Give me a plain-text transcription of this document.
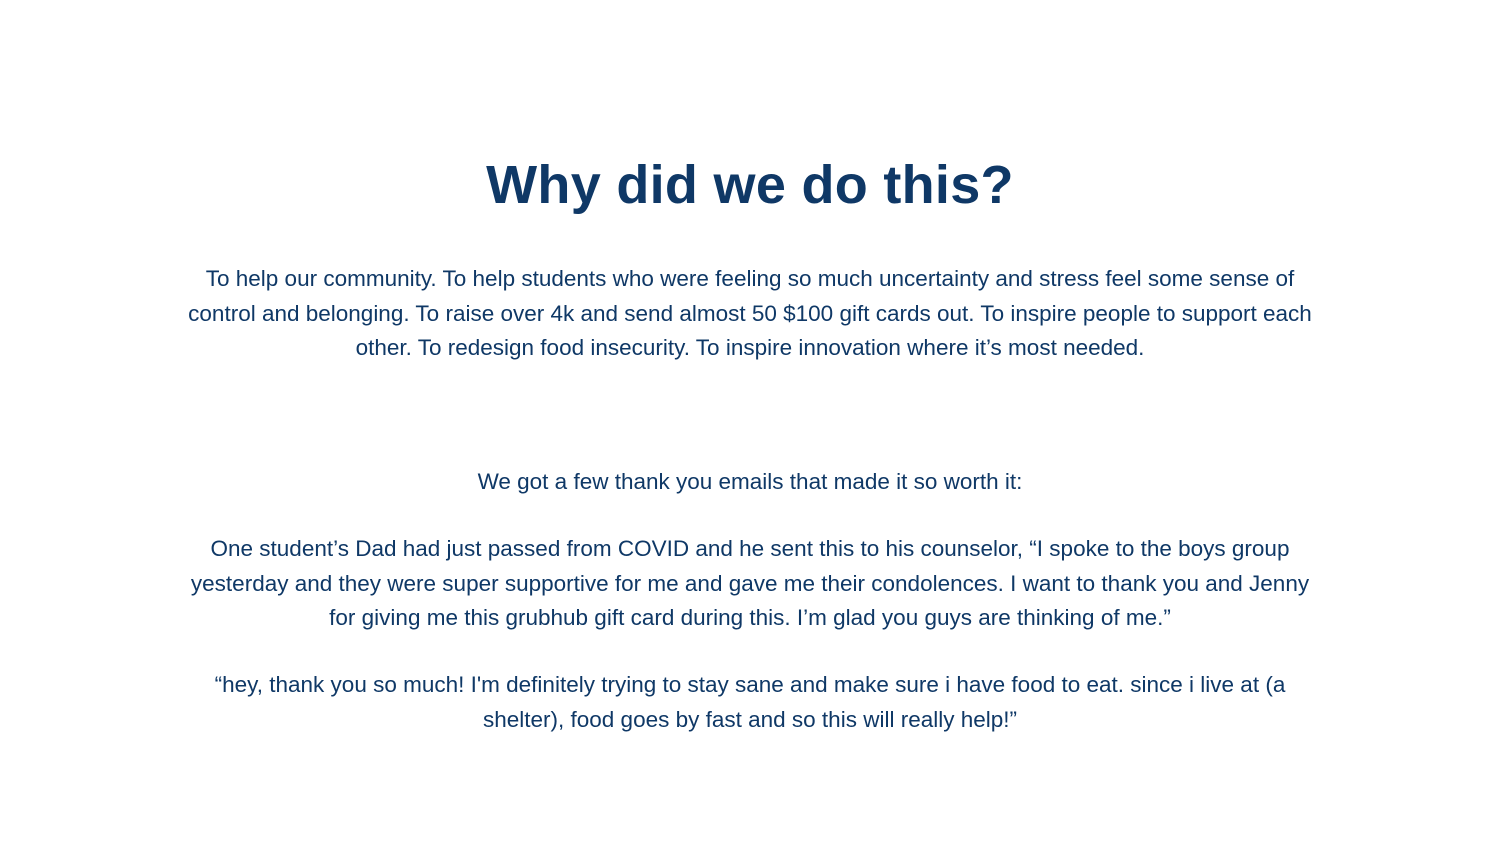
Why did we do this?

To help our community. To help students who were feeling so much uncertainty and stress feel some sense of control and belonging. To raise over 4k and send almost 50 $100 gift cards out. To inspire people to support each other. To redesign food insecurity. To inspire innovation where it’s most needed.

We got a few thank you emails that made it so worth it:

One student’s Dad had just passed from COVID and he sent this to his counselor, “I spoke to the boys group yesterday and they were super supportive for me and gave me their condolences. I want to thank you and Jenny for giving me this grubhub gift card during this. I’m glad you guys are thinking of me.”

“hey, thank you so much! I'm definitely trying to stay sane and make sure i have food to eat. since i live at (a shelter), food goes by fast and so this will really help!”
